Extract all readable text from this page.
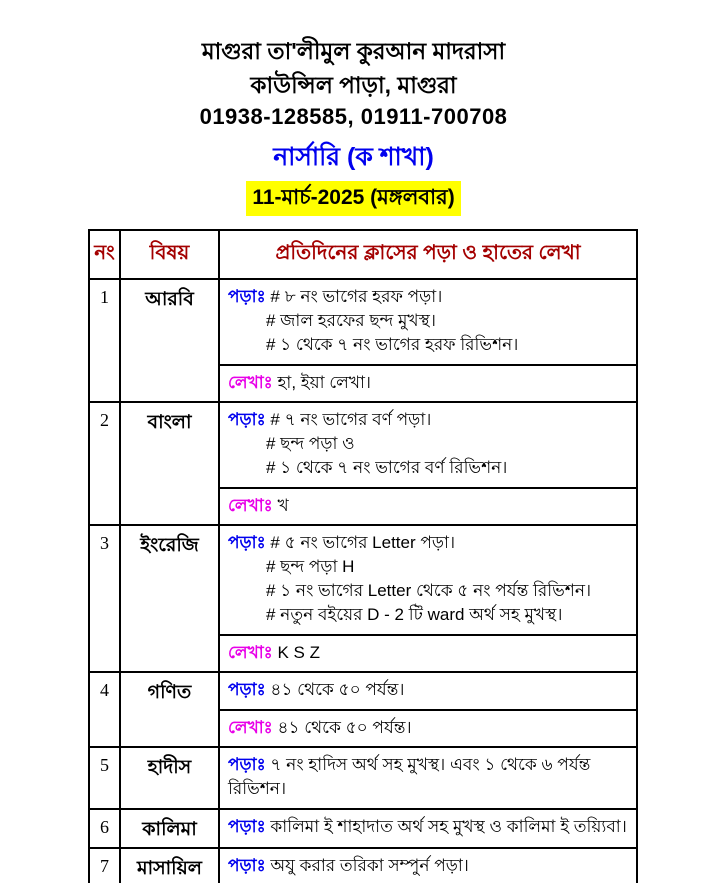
মাগুরা তা'লীমুল কুরআন মাদরাসা
কাউন্সিল পাড়া, মাগুরা
01938-128585, 01911-700708
নার্সারি (ক শাখা)
11-মার্চ-2025 (মঙ্গলবার)
নং	বিষয়	প্রতিদিনের ক্লাসের পড়া ও হাতের লেখা
1	আরবি	পড়াঃ # ৮ নং ভাগের হরফ পড়া।
# জাল হরফের ছন্দ মুখস্থ।
# ১ থেকে ৭ নং ভাগের হরফ রিভিশন।
লেখাঃ হা, ইয়া লেখা।

2	বাংলা	পড়াঃ # ৭ নং ভাগের বর্ণ পড়া।
# ছন্দ পড়া ও
# ১ থেকে ৭ নং ভাগের বর্ণ রিভিশন।
লেখাঃ খ

3	ইংরেজি	পড়াঃ # ৫ নং ভাগের Letter পড়া।
# ছন্দ পড়া H
# ১ নং ভাগের Letter থেকে ৫ নং পর্যন্ত রিভিশন।
# নতুন বইয়ের D - 2 টি ward অর্থ সহ মুখস্থ।
লেখাঃ K S Z

4	গণিত	পড়াঃ ৪১ থেকে ৫০ পর্যন্ত।
লেখাঃ ৪১ থেকে ৫০ পর্যন্ত।

5	হাদীস	পড়াঃ ৭ নং হাদিস অর্থ সহ মুখস্থ। এবং ১ থেকে ৬ পর্যন্ত রিভিশন।

6	কালিমা	পড়াঃ কালিমা ই শাহাদাত অর্থ সহ মুখস্থ ও কালিমা ই তয়্যিবা।

7	মাসায়িল	পড়াঃ অযু করার তরিকা সম্পুর্ন পড়া।
